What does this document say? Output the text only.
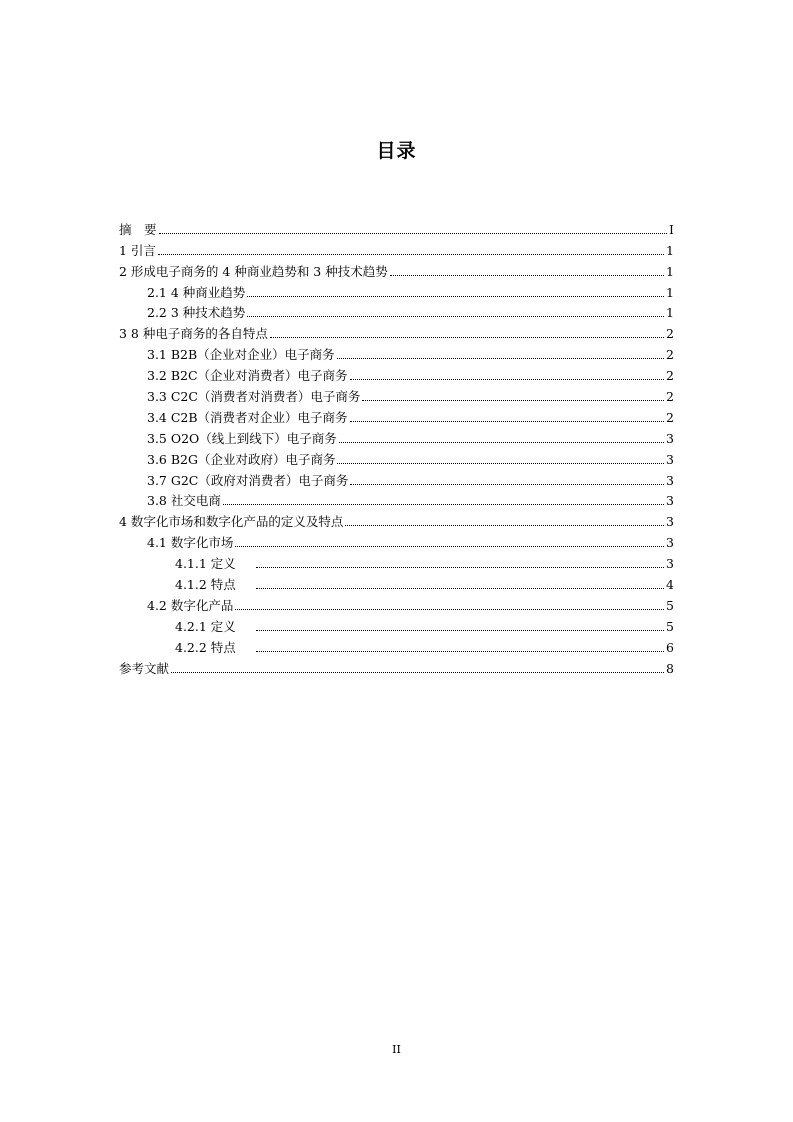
目录
摘　要	I
1 引言	1
2 形成电子商务的 4 种商业趋势和 3 种技术趋势	1
2.1 4 种商业趋势	1
2.2 3 种技术趋势	1
3 8 种电子商务的各自特点	2
3.1 B2B（企业对企业）电子商务	2
3.2 B2C（企业对消费者）电子商务	2
3.3 C2C（消费者对消费者）电子商务	2
3.4 C2B（消费者对企业）电子商务	2
3.5 O2O（线上到线下）电子商务	3
3.6 B2G（企业对政府）电子商务	3
3.7 G2C（政府对消费者）电子商务	3
3.8 社交电商	3
4 数字化市场和数字化产品的定义及特点	3
4.1 数字化市场	3
4.1.1 定义	3
4.1.2 特点	4
4.2 数字化产品	5
4.2.1 定义	5
4.2.2 特点	6
参考文献	8
II
